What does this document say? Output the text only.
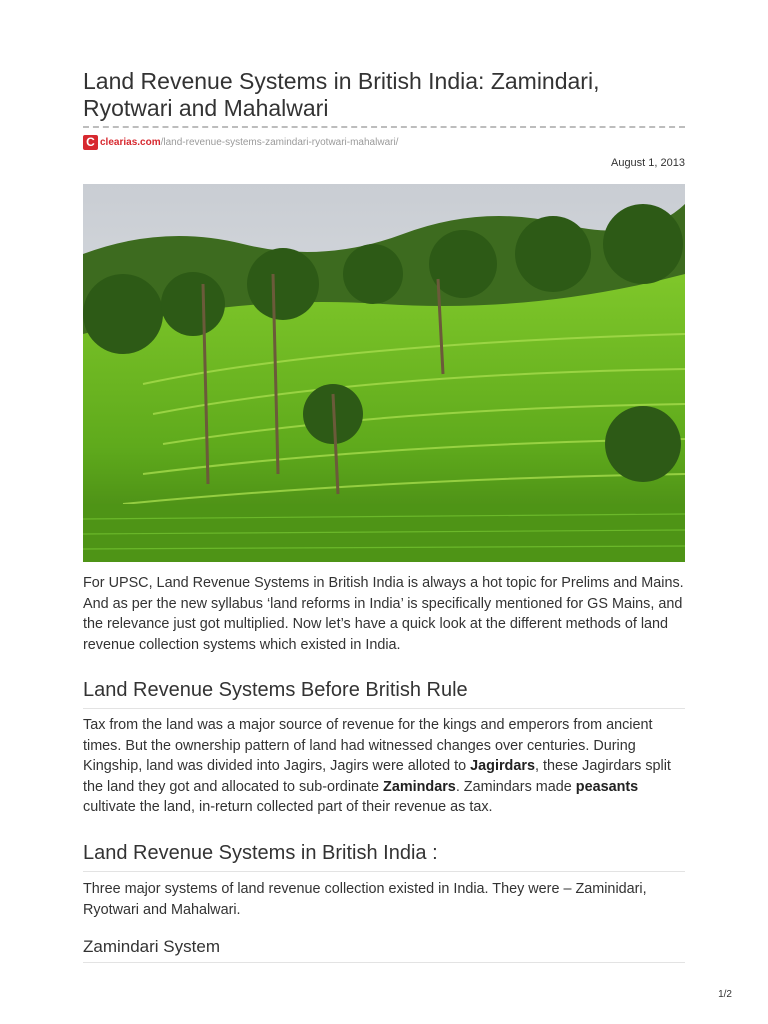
Land Revenue Systems in British India: Zamindari, Ryotwari and Mahalwari
C clearias.com /land-revenue-systems-zamindari-ryotwari-mahalwari/
August 1, 2013

For UPSC, Land Revenue Systems in British India is always a hot topic for Prelims and Mains. And as per the new syllabus ‘land reforms in India’ is specifically mentioned for GS Mains, and the relevance just got multiplied. Now let’s have a quick look at the different methods of land revenue collection systems which existed in India.

Land Revenue Systems Before British Rule

Tax from the land was a major source of revenue for the kings and emperors from ancient times. But the ownership pattern of land had witnessed changes over centuries. During Kingship, land was divided into Jagirs, Jagirs were alloted to Jagirdars, these Jagirdars split the land they got and allocated to sub-ordinate Zamindars. Zamindars made peasants cultivate the land, in-return collected part of their revenue as tax.

Land Revenue Systems in British India :

Three major systems of land revenue collection existed in India. They were – Zaminidari, Ryotwari and Mahalwari.

Zamindari System
1/2
